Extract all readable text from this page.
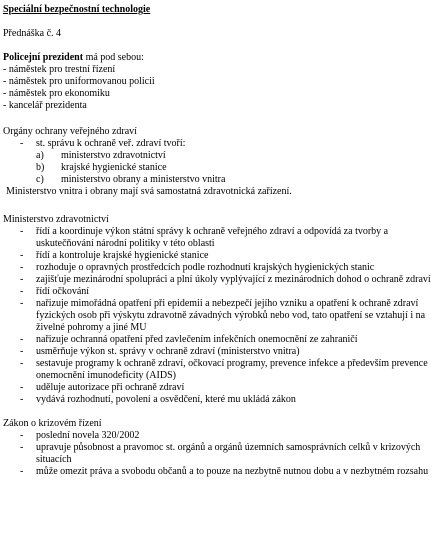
Speciální bezpečnostní technologie
Přednáška č. 4
Policejní prezident má pod sebou:
- náměstek pro trestní řízení
- náměstek pro uniformovanou policii
- náměstek pro ekonomiku
- kancelář prezidenta
Orgány ochrany veřejného zdraví
- st. správu k ochraně veř. zdraví tvoří:
a) ministerstvo zdravotnictví
b) krajské hygienické stanice
c) ministerstvo obrany a ministerstvo vnitra
Ministerstvo vnitra i obrany mají svá samostatná zdravotnická zařízení.
Ministerstvo zdravotnictví
- řídí a koordinuje výkon státní správy k ochraně veřejného zdraví a odpovídá za tvorby a uskutečňování národní politiky v této oblasti
- řídí a kontroluje krajské hygienické stanice
- rozhoduje o opravných prostředcích podle rozhodnutí krajských hygienických stanic
- zajišťuje mezinárodní spolupráci a plní úkoly vyplývající z mezinárodních dohod o ochraně zdraví
- řídí očkování
- nařizuje mimořádná opatření při epidemii a nebezpečí jejího vzniku a opatření k ochraně zdraví fyzických osob při výskytu zdravotně závadných výrobků nebo vod, tato opatření se vztahují i na živelné pohromy a jiné MU
- nařizuje ochranná opatření před zavlečením infekčních onemocnění ze zahraničí
- usměrňuje výkon st. správy v ochraně zdraví (ministerstvo vnitra)
- sestavuje programy k ochraně zdraví, očkovací programy, prevence infekce a především prevence onemocnění imunodeficity (AIDS)
- uděluje autorizace při ochraně zdraví
- vydává rozhodnutí, povolení a osvědčení, které mu ukládá zákon
Zákon o krizovém řízení
- poslední novela 320/2002
- upravuje působnost a pravomoc st. orgánů a orgánů územních samosprávních celků v krizových situacích
- může omezit práva a svobodu občanů a to pouze na nezbytně nutnou dobu a v nezbytném rozsahu
